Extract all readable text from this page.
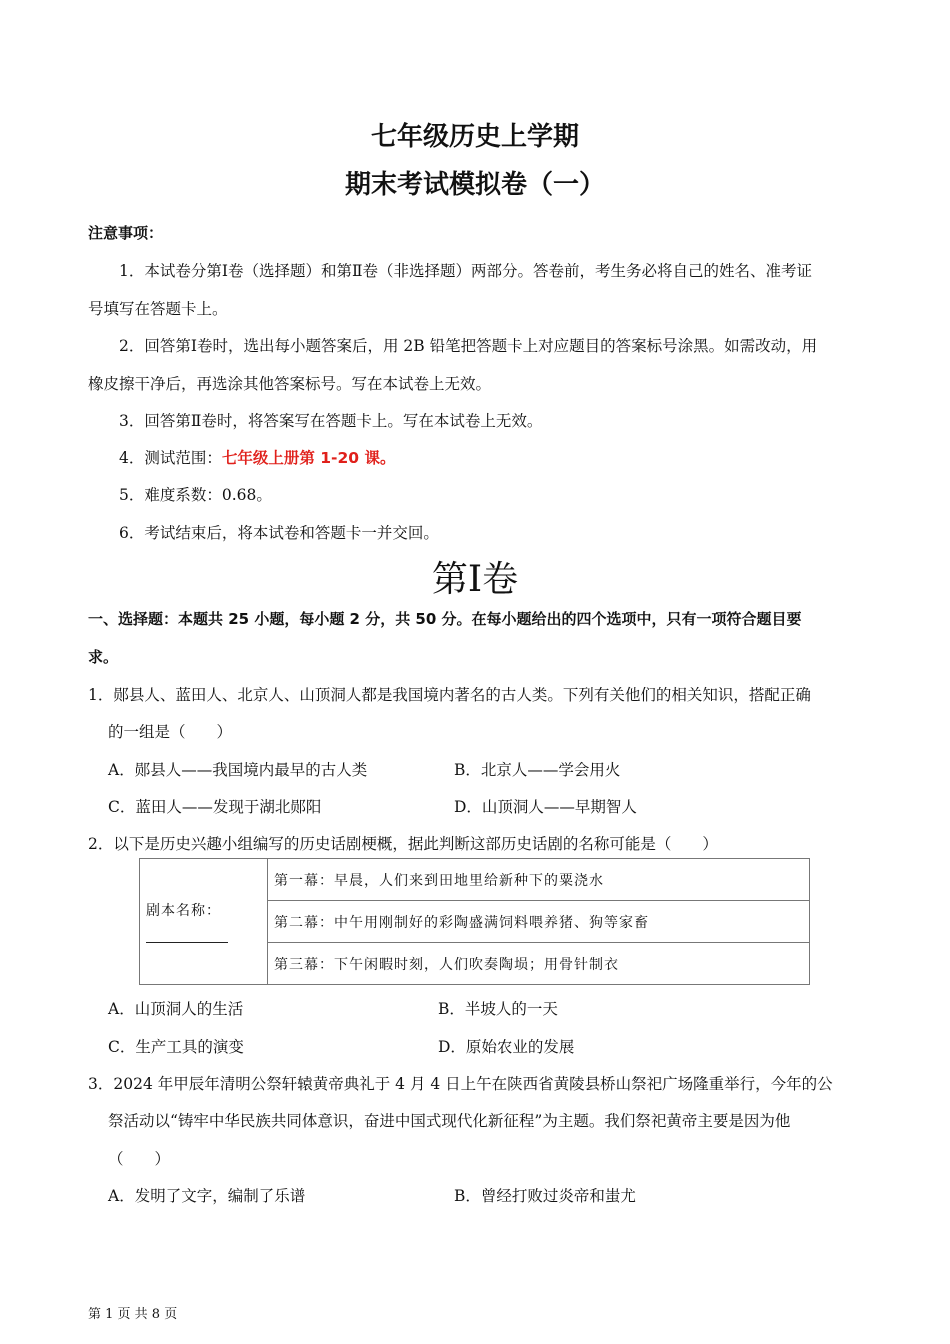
七年级历史上学期
期末考试模拟卷（一）
注意事项：
1．本试卷分第Ⅰ卷（选择题）和第Ⅱ卷（非选择题）两部分。答卷前，考生务必将自己的姓名、准考证
号填写在答题卡上。
2．回答第Ⅰ卷时，选出每小题答案后，用 2B 铅笔把答题卡上对应题目的答案标号涂黑。如需改动，用
橡皮擦干净后，再选涂其他答案标号。写在本试卷上无效。
3．回答第Ⅱ卷时，将答案写在答题卡上。写在本试卷上无效。
4．测试范围：七年级上册第 1-20 课。
5．难度系数：0.68。
6．考试结束后，将本试卷和答题卡一并交回。
第Ⅰ卷
一、选择题：本题共 25 小题，每小题 2 分，共 50 分。在每小题给出的四个选项中，只有一项符合题目要
求。
1．郧县人、蓝田人、北京人、山顶洞人都是我国境内著名的古人类。下列有关他们的相关知识，搭配正确
的一组是（　　）
A．郧县人——我国境内最早的古人类	B．北京人——学会用火
C．蓝田人——发现于湖北郧阳	D．山顶洞人——早期智人
2．以下是历史兴趣小组编写的历史话剧梗概，据此判断这部历史话剧的名称可能是（　　）
剧本名称：
	第一幕：早晨，人们来到田地里给新种下的粟浇水
第二幕：中午用刚制好的彩陶盛满饲料喂养猪、狗等家畜
第三幕：下午闲暇时刻，人们吹奏陶埙；用骨针制衣
A．山顶洞人的生活	B．半坡人的一天
C．生产工具的演变	D．原始农业的发展
3．2024 年甲辰年清明公祭轩辕黄帝典礼于 4 月 4 日上午在陕西省黄陵县桥山祭祀广场隆重举行，今年的公
祭活动以“铸牢中华民族共同体意识，奋进中国式现代化新征程”为主题。我们祭祀黄帝主要是因为他
（　　）
A．发明了文字，编制了乐谱	B．曾经打败过炎帝和蚩尤
第 1 页 共 8 页
